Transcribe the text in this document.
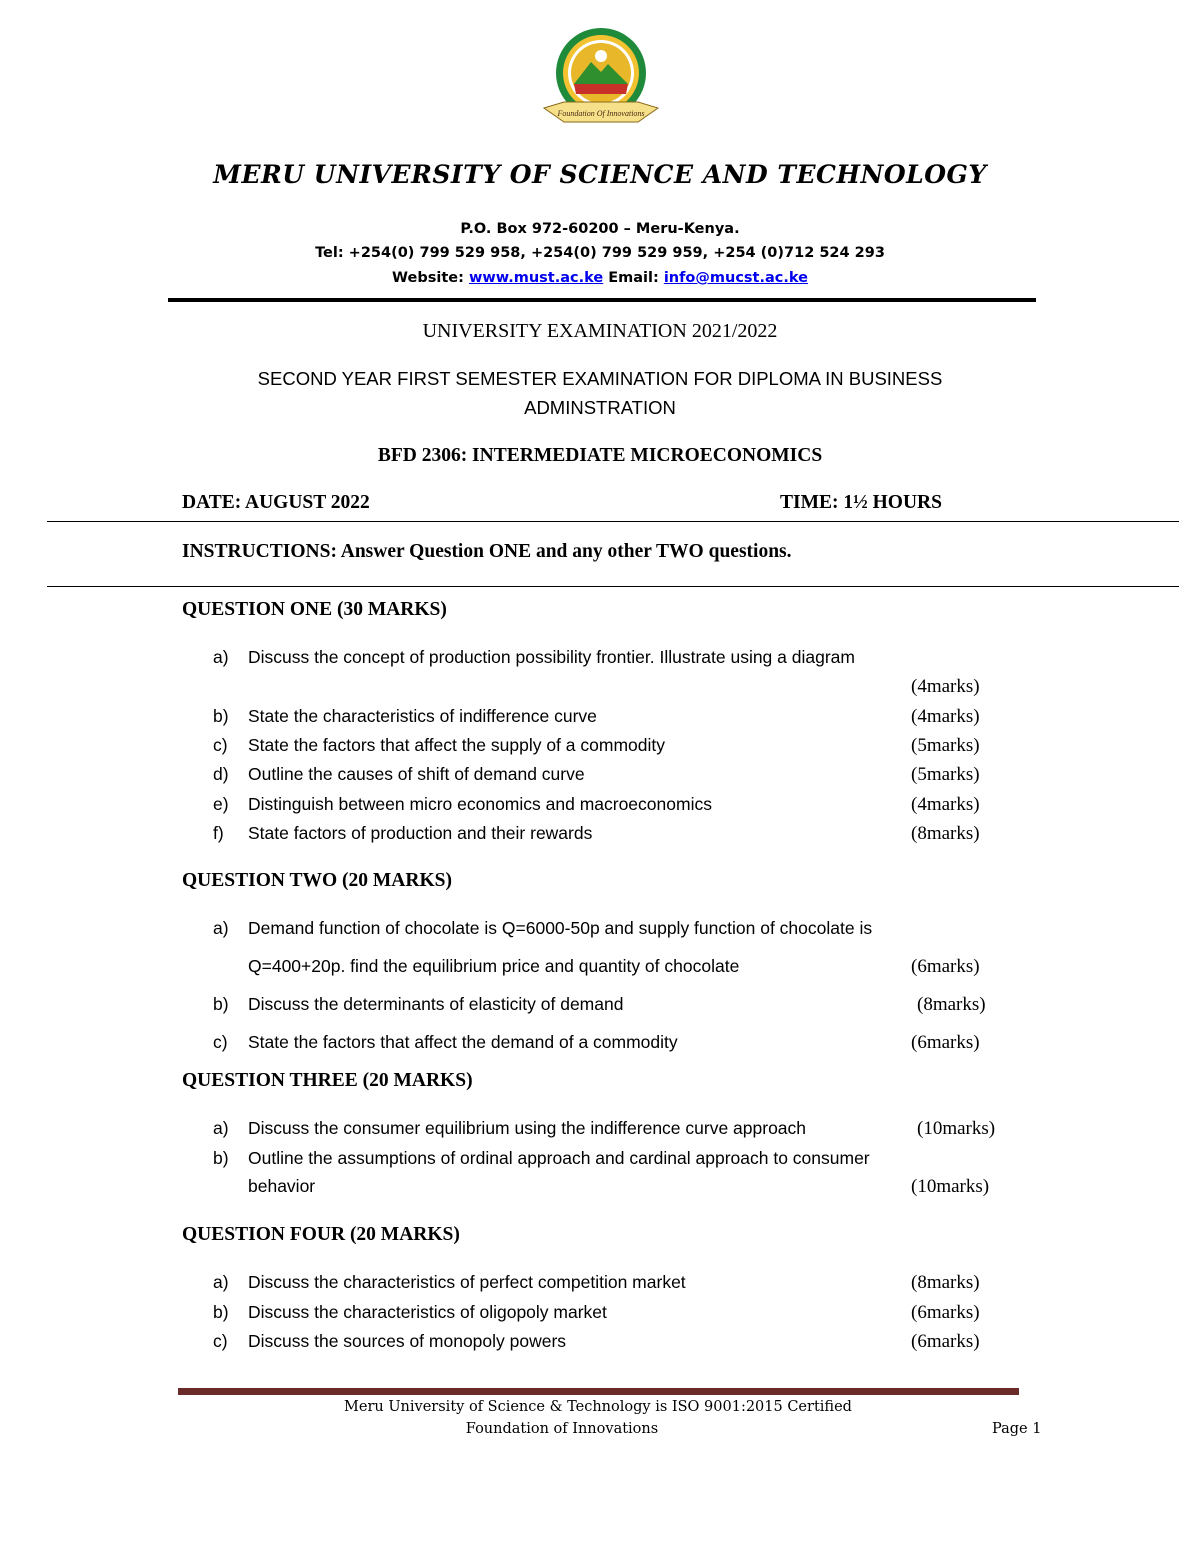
Foundation Of Innovations
MERU UNIVERSITY OF SCIENCE AND TECHNOLOGY
P.O. Box 972-60200 – Meru-Kenya.
Tel: +254(0) 799 529 958, +254(0) 799 529 959, +254 (0)712 524 293
Website: www.must.ac.ke Email: info@mucst.ac.ke
UNIVERSITY EXAMINATION 2021/2022
SECOND YEAR FIRST SEMESTER EXAMINATION FOR DIPLOMA IN BUSINESS
ADMINSTRATION
BFD 2306: INTERMEDIATE MICROECONOMICS
DATE: AUGUST 2022	TIME: 1½ HOURS
INSTRUCTIONS: Answer Question ONE and any other TWO questions.
QUESTION ONE (30 MARKS)
a) Discuss the concept of production possibility frontier. Illustrate using a diagram
(4marks)
b) State the characteristics of indifference curve	(4marks)
c) State the factors that affect the supply of a commodity	(5marks)
d) Outline the causes of shift of demand curve	(5marks)
e) Distinguish between micro economics and macroeconomics	(4marks)
f) State factors of production and their rewards	(8marks)
QUESTION TWO (20 MARKS)
a) Demand function of chocolate is Q=6000-50p and supply function of chocolate is
Q=400+20p. find the equilibrium price and quantity of chocolate	(6marks)
b) Discuss the determinants of elasticity of demand	(8marks)
c) State the factors that affect the demand of a commodity	(6marks)
QUESTION THREE (20 MARKS)
a) Discuss the consumer equilibrium using the indifference curve approach	(10marks)
b) Outline the assumptions of ordinal approach and cardinal approach to consumer
behavior	(10marks)
QUESTION FOUR (20 MARKS)
a) Discuss the characteristics of perfect competition market	(8marks)
b) Discuss the characteristics of oligopoly market	(6marks)
c) Discuss the sources of monopoly powers	(6marks)
Meru University of Science & Technology is ISO 9001:2015 Certified
Foundation of Innovations	Page 1
